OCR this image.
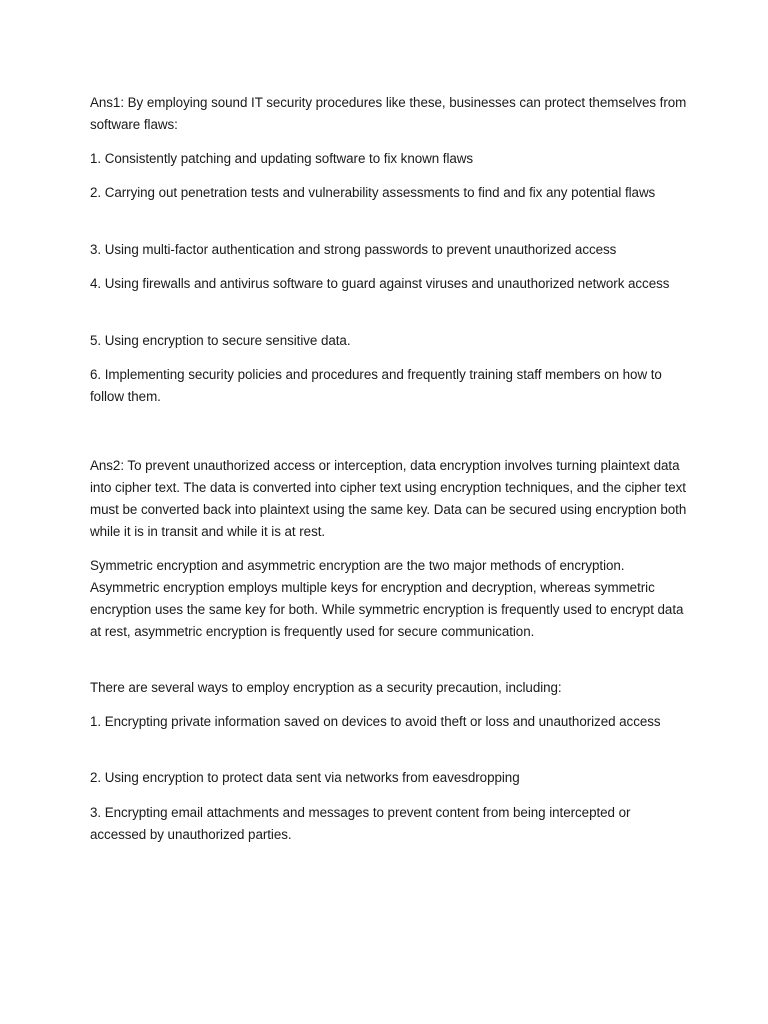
Ans1: By employing sound IT security procedures like these, businesses can protect themselves from software flaws:

1. Consistently patching and updating software to fix known flaws

2. Carrying out penetration tests and vulnerability assessments to find and fix any potential flaws

3. Using multi-factor authentication and strong passwords to prevent unauthorized access

4. Using firewalls and antivirus software to guard against viruses and unauthorized network access

5. Using encryption to secure sensitive data.

6. Implementing security policies and procedures and frequently training staff members on how to follow them.

Ans2: To prevent unauthorized access or interception, data encryption involves turning plaintext data into cipher text. The data is converted into cipher text using encryption techniques, and the cipher text must be converted back into plaintext using the same key. Data can be secured using encryption both while it is in transit and while it is at rest.

Symmetric encryption and asymmetric encryption are the two major methods of encryption. Asymmetric encryption employs multiple keys for encryption and decryption, whereas symmetric encryption uses the same key for both. While symmetric encryption is frequently used to encrypt data at rest, asymmetric encryption is frequently used for secure communication.

There are several ways to employ encryption as a security precaution, including:

1. Encrypting private information saved on devices to avoid theft or loss and unauthorized access

2. Using encryption to protect data sent via networks from eavesdropping

3. Encrypting email attachments and messages to prevent content from being intercepted or accessed by unauthorized parties.
